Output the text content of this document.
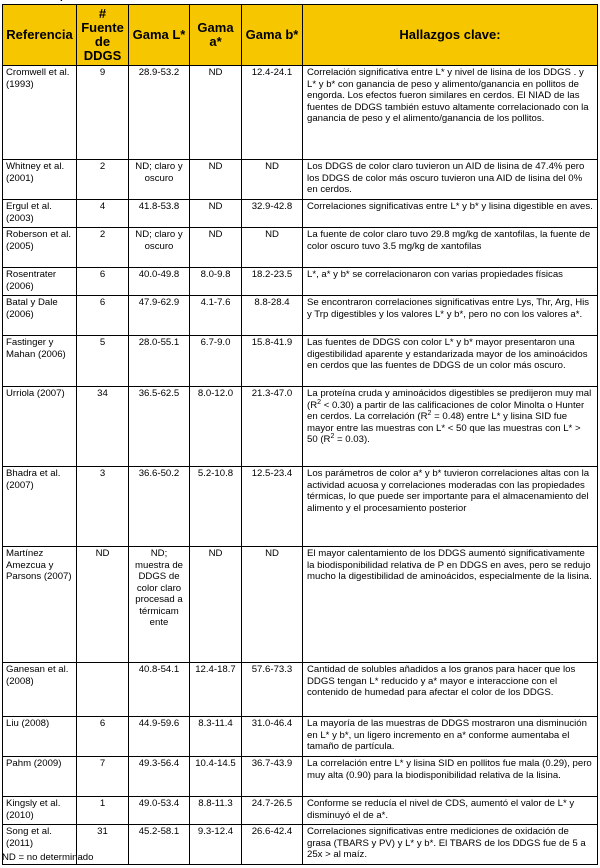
Referencia	# Fuente de DDGS	Gama L*	Gama a*	Gama b*	Hallazgos clave:
Cromwell et al. (1993)	9	28.9-53.2	ND	12.4-24.1	Correlación significativa entre L* y nivel de lisina de los DDGS . y L* y b* con ganancia de peso y alimento/ganancia en pollitos de engorda. Los efectos fueron similares en cerdos. El NIAD de las fuentes de DDGS también estuvo altamente correlacionado con la ganancia de peso y el alimento/ganancia de los pollitos.
Whitney et al. (2001)	2	ND; claro y oscuro	ND	ND	Los DDGS de color claro tuvieron un AID de lisina de 47.4% pero los DDGS de color más oscuro tuvieron una AID de lisina del 0% en cerdos.
Ergul et al. (2003)	4	41.8-53.8	ND	32.9-42.8	Correlaciones significativas entre L* y b* y lisina digestible en aves.
Roberson et al.(2005)	2	ND; claro y oscuro	ND	ND	La fuente de color claro tuvo 29.8 mg/kg de xantofilas, la fuente de color oscuro tuvo 3.5 mg/kg de xantofilas
Rosentrater (2006)	6	40.0-49.8	8.0-9.8	18.2-23.5	L*, a* y b* se correlacionaron con varias propiedades físicas
Batal y Dale (2006)	6	47.9-62.9	4.1-7.6	8.8-28.4	Se encontraron correlaciones significativas entre Lys, Thr, Arg, His y Trp digestibles y los valores L* y b*, pero no con los valores a*.
Fastinger y Mahan (2006)	5	28.0-55.1	6.7-9.0	15.8-41.9	Las fuentes de DDGS con color L* y b* mayor presentaron una digestibilidad aparente y estandarizada mayor de los aminoácidos en cerdos que las fuentes de DDGS de un color más oscuro.
Urriola (2007)	34	36.5-62.5	8.0-12.0	21.3-47.0	La proteína cruda y aminoácidos digestibles se predijeron muy mal $(R^2 < 0.30)$ a partir de las calificaciones de color Minolta o Hunter en cerdos. La correlación $(R^2 = 0.48)$ entre L* y lisina SID fue mayor entre las muestras con L* < 50 que las muestras con L* > 50 $(R^2 = 0.03)$.
Bhadra et al. (2007)	3	36.6-50.2	5.2-10.8	12.5-23.4	Los parámetros de color a* y b* tuvieron correlaciones altas con la actividad acuosa y correlaciones moderadas con las propiedades térmicas, lo que puede ser importante para el almacenamiento del alimento y el procesamiento posterior
Martínez Amezcua y Parsons (2007)	ND	ND; muestra de DDGS de color claro procesad a térmicam ente	ND	ND	El mayor calentamiento de los DDGS aumentó significativamente la biodisponibilidad relativa de P en DDGS en aves, pero se redujo mucho la digestibilidad de aminoácidos, especialmente de la lisina.
Ganesan et al. (2008)		40.8-54.1	12.4-18.7	57.6-73.3	Cantidad de solubles añadidos a los granos para hacer que los DDGS tengan L* reducido y a* mayor e interaccione con el contenido de humedad para afectar el color de los DDGS.
Liu (2008)	6	44.9-59.6	8.3-11.4	31.0-46.4	La mayoría de las muestras de DDGS mostraron una disminución en L* y b*, un ligero incremento en a* conforme aumentaba el tamaño de partícula.
Pahm (2009)	7	49.3-56.4	10.4-14.5	36.7-43.9	La correlación entre L* y lisina SID en pollitos fue mala (0.29), pero muy alta (0.90) para la biodisponibilidad relativa de la lisina.
Kingsly et al. (2010)	1	49.0-53.4	8.8-11.3	24.7-26.5	Conforme se reducía el nivel de CDS, aumentó el valor de L* y disminuyó el de a*.
Song et al. (2011)	31	45.2-58.1	9.3-12.4	26.6-42.4	Correlaciones significativas entre mediciones de oxidación de grasa (TBARS y PV) y L* y b*. El TBARS de los DDGS fue de 5 a 25x > al maíz.
ND = no determinado
